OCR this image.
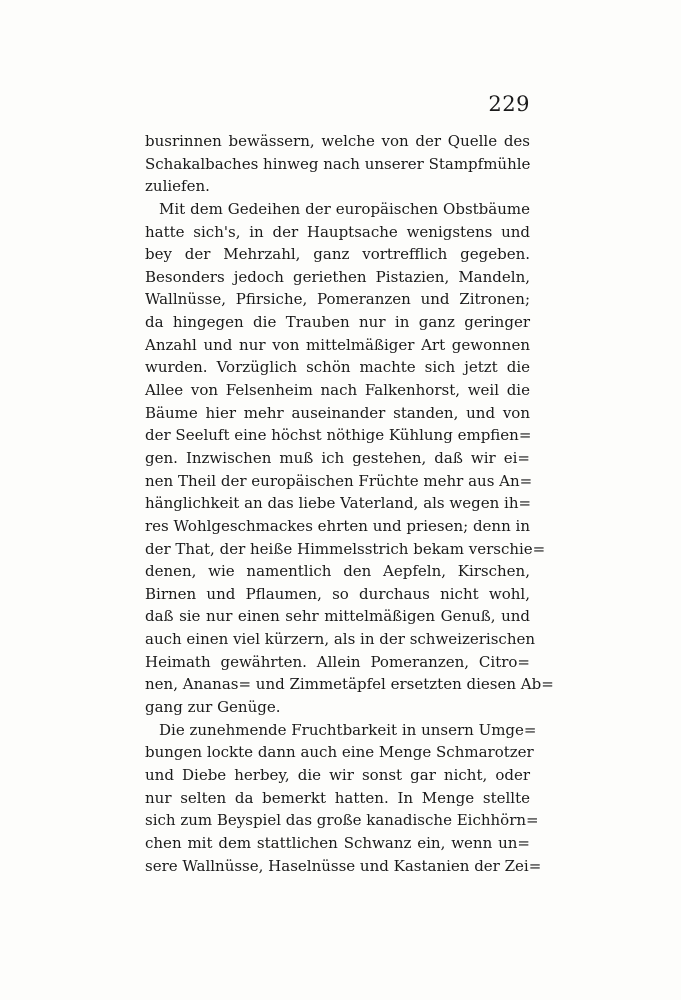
229
busrinnen bewässern, welche von der Quelle des
Schakalbaches hinweg nach unserer Stampfmühle
zuliefen.
Mit dem Gedeihen der europäischen Obstbäume
hatte sich's, in der Hauptsache wenigstens und
bey der Mehrzahl, ganz vortrefflich gegeben.
Besonders jedoch geriethen Pistazien, Mandeln,
Wallnüsse, Pfirsiche, Pomeranzen und Zitronen;
da hingegen die Trauben nur in ganz geringer
Anzahl und nur von mittelmäßiger Art gewonnen
wurden. Vorzüglich schön machte sich jetzt die
Allee von Felsenheim nach Falkenhorst, weil die
Bäume hier mehr auseinander standen, und von
der Seeluft eine höchst nöthige Kühlung empfien=
gen. Inzwischen muß ich gestehen, daß wir ei=
nen Theil der europäischen Früchte mehr aus An=
hänglichkeit an das liebe Vaterland, als wegen ih=
res Wohlgeschmackes ehrten und priesen; denn in
der That, der heiße Himmelsstrich bekam verschie=
denen, wie namentlich den Aepfeln, Kirschen,
Birnen und Pflaumen, so durchaus nicht wohl,
daß sie nur einen sehr mittelmäßigen Genuß, und
auch einen viel kürzern, als in der schweizerischen
Heimath gewährten. Allein Pomeranzen, Citro=
nen, Ananas= und Zimmetäpfel ersetzten diesen Ab=
gang zur Genüge.
Die zunehmende Fruchtbarkeit in unsern Umge=
bungen lockte dann auch eine Menge Schmarotzer
und Diebe herbey, die wir sonst gar nicht, oder
nur selten da bemerkt hatten. In Menge stellte
sich zum Beyspiel das große kanadische Eichhörn=
chen mit dem stattlichen Schwanz ein, wenn un=
sere Wallnüsse, Haselnüsse und Kastanien der Zei=
